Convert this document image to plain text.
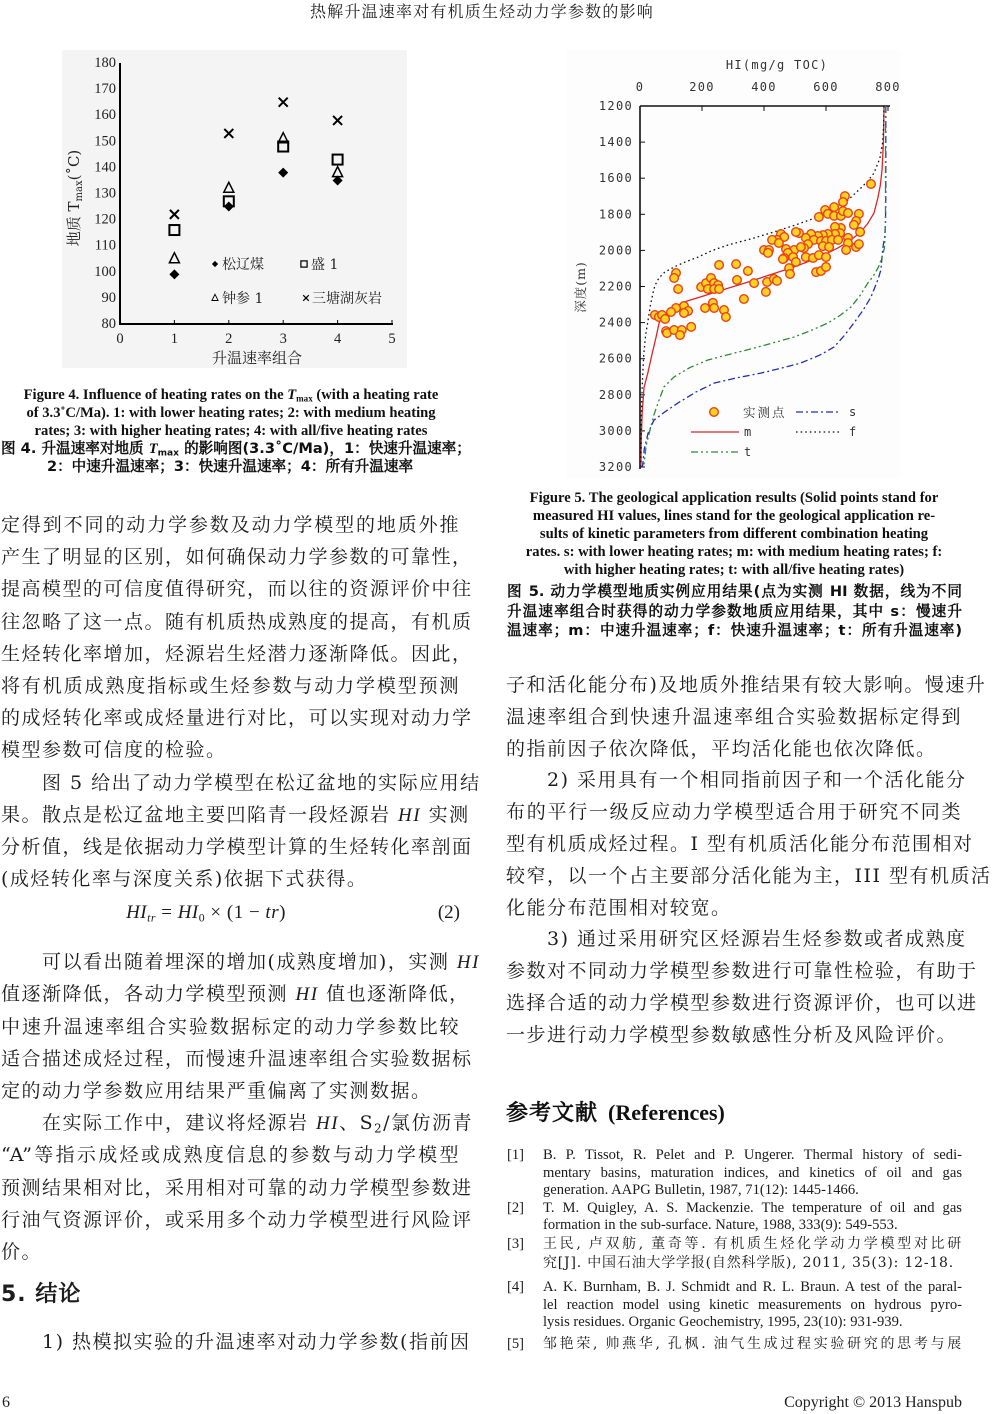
热解升温速率对有机质生烃动力学参数的影响
0	1	2	3	4	5
80
90
100
110
120
130
140
150
160
170
180
地质 $T_{max}(˚C)$
升温速率组合
松辽煤	盛 1
钟参 1	三塘湖灰岩
Figure 4. Influence of heating rates on the $T_{max}$ (with a heating rate
of 3.3˚C/Ma). 1: with lower heating rates; 2: with medium heating
rates; 3: with higher heating rates; 4: with all/five heating rates
图 4. 升温速率对地质 $T_{max}$ 的影响图(3.3˚C/Ma)，1：快速升温速率；
2：中速升温速率；3：快速升温速率；4：所有升温速率
定得到不同的动力学参数及动力学模型的地质外推
产生了明显的区别，如何确保动力学参数的可靠性，
提高模型的可信度值得研究，而以往的资源评价中往
往忽略了这一点。随有机质热成熟度的提高，有机质
生烃转化率增加，烃源岩生烃潜力逐渐降低。因此，
将有机质成熟度指标或生烃参数与动力学模型预测
的成烃转化率或成烃量进行对比，可以实现对动力学
模型参数可信度的检验。
图 5 给出了动力学模型在松辽盆地的实际应用结
果。散点是松辽盆地主要凹陷青一段烃源岩 HI 实测
分析值，线是依据动力学模型计算的生烃转化率剖面
(成烃转化率与深度关系)依据下式获得。
$HI_{tr} = HI_0 \times (1 - tr)$	(2)
可以看出随着埋深的增加(成熟度增加)，实测 HI
值逐渐降低，各动力学模型预测 HI 值也逐渐降低，
中速升温速率组合实验数据标定的动力学参数比较
适合描述成烃过程，而慢速升温速率组合实验数据标
定的动力学参数应用结果严重偏离了实测数据。
在实际工作中，建议将烃源岩 HI、$S_2/$氯仿沥青
“A”等指示成烃或成熟度信息的参数与动力学模型
预测结果相对比，采用相对可靠的动力学模型参数进
行油气资源评价，或采用多个动力学模型进行风险评
价。
5. 结论
1) 热模拟实验的升温速率对动力学参数(指前因
0	200	400	600	800
1200
1400
1600
1800
2000
2200
2400
2600
2800
3000
3200
HI(mg/g TOC)
深度(m)
实测点	s
m	f
t
Figure 5. The geological application results (Solid points stand for
measured HI values, lines stand for the geological application re-
sults of kinetic parameters from different combination heating
rates. s: with lower heating rates; m: with medium heating rates; f:
with higher heating rates; t: with all/five heating rates)
图 5. 动力学模型地质实例应用结果(点为实测 HI 数据，线为不同
升温速率组合时获得的动力学参数地质应用结果，其中 s：慢速升
温速率；m：中速升温速率；f：快速升温速率；t：所有升温速率)
子和活化能分布)及地质外推结果有较大影响。慢速升
温速率组合到快速升温速率组合实验数据标定得到
的指前因子依次降低，平均活化能也依次降低。
2) 采用具有一个相同指前因子和一个活化能分
布的平行一级反应动力学模型适合用于研究不同类
型有机质成烃过程。I 型有机质活化能分布范围相对
较窄，以一个占主要部分活化能为主，III 型有机质活
化能分布范围相对较宽。
3) 通过采用研究区烃源岩生烃参数或者成熟度
参数对不同动力学模型参数进行可靠性检验，有助于
选择合适的动力学模型参数进行资源评价，也可以进
一步进行动力学模型参数敏感性分析及风险评价。
参考文献 (References)
[1] B. P. Tissot, R. Pelet and P. Ungerer. Thermal history of sedi-
mentary basins, maturation indices, and kinetics of oil and gas
generation. AAPG Bulletin, 1987, 71(12): 1445-1466.
[2] T. M. Quigley, A. S. Mackenzie. The temperature of oil and gas
formation in the sub-surface. Nature, 1988, 333(9): 549-553.
[3] 王民, 卢双舫, 董奇等. 有机质生烃化学动力学模型对比研
究[J]. 中国石油大学学报(自然科学版), 2011, 35(3): 12-18.
[4] A. K. Burnham, B. J. Schmidt and R. L. Braun. A test of the paral-
lel reaction model using kinetic measurements on hydrous pyro-
lysis residues. Organic Geochemistry, 1995, 23(10): 931-939.
[5] 邹艳荣, 帅燕华, 孔枫. 油气生成过程实验研究的思考与展
6	Copyright © 2013 Hanspub
